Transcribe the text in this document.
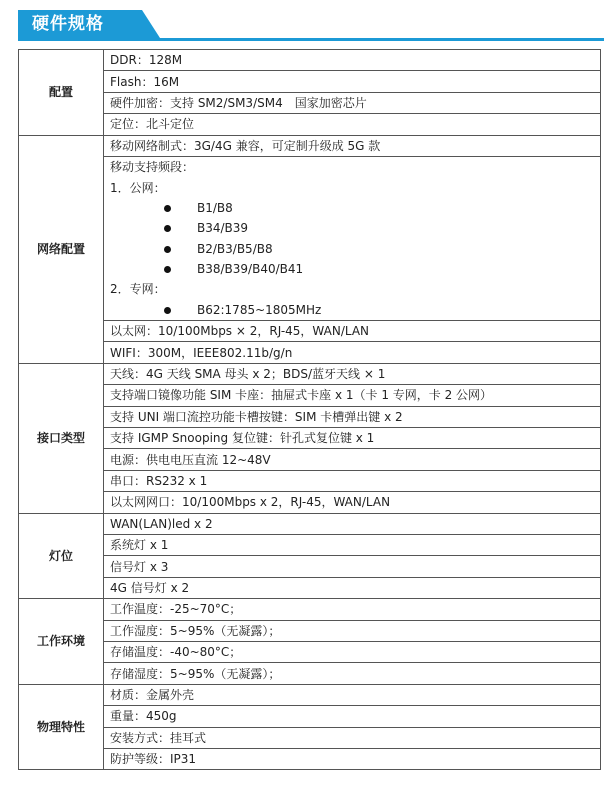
硬件规格
配置	DDR：128M
	Flash：16M
	硬件加密：支持 SM2/SM3/SM4　国家加密芯片
	定位：北斗定位
网络配置	移动网络制式：3G/4G 兼容，可定制升级成 5G 款
	移动支持频段：
	1．公网：
	B1/B8
	B34/B39
	B2/B3/B5/B8
	B38/B39/B40/B41
	2．专网：
	B62:1785~1805MHz
	以太网：10/100Mbps × 2，RJ-45，WAN/LAN
	WIFI：300M，IEEE802.11b/g/n
接口类型	天线：4G 天线 SMA 母头 x 2；BDS/蓝牙天线 × 1
	支持端口镜像功能 SIM 卡座：抽屉式卡座 x 1（卡 1 专网，卡 2 公网）
	支持 UNI 端口流控功能卡槽按键：SIM 卡槽弹出键 x 2
	支持 IGMP Snooping 复位键：针孔式复位键 x 1
	电源：供电电压直流 12~48V
	串口：RS232 x 1
	以太网网口：10/100Mbps x 2，RJ-45，WAN/LAN
灯位	WAN(LAN)led x 2
	系统灯 x 1
	信号灯 x 3
	4G 信号灯 x 2
工作环境	工作温度：-25~70°C；
	工作湿度：5~95%（无凝露）；
	存储温度：-40~80°C；
	存储湿度：5~95%（无凝露）；
物理特性	材质：金属外壳
	重量：450g
	安装方式：挂耳式
	防护等级：IP31
